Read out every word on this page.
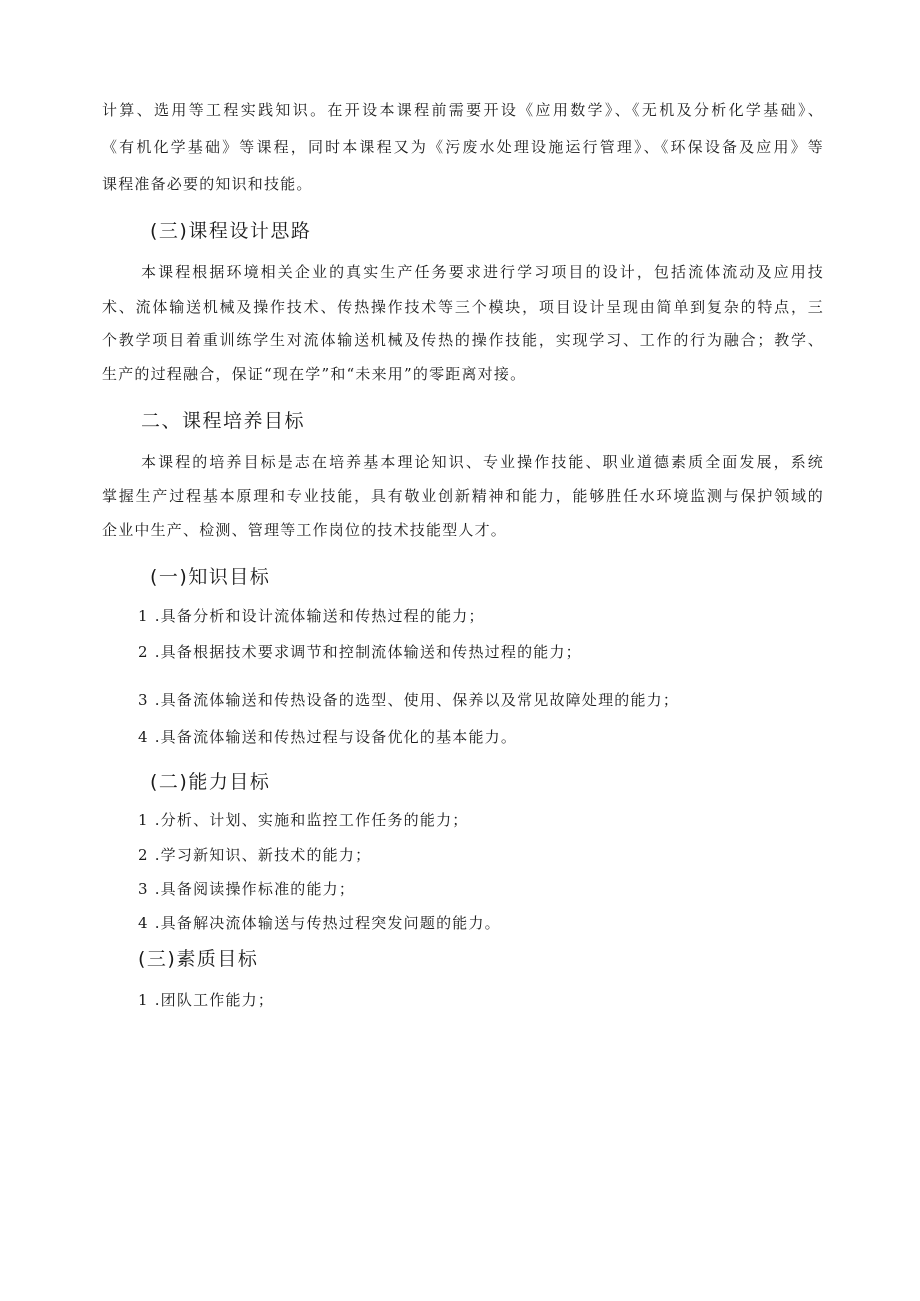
计算、选用等工程实践知识。在开设本课程前需要开设《应用数学》、《无机及分析化学基础》、
《有机化学基础》等课程，同时本课程又为《污废水处理设施运行管理》、《环保设备及应用》等
课程准备必要的知识和技能。
(三)课程设计思路
本课程根据环境相关企业的真实生产任务要求进行学习项目的设计，包括流体流动及应用技
术、流体输送机械及操作技术、传热操作技术等三个模块，项目设计呈现由简单到复杂的特点，三
个教学项目着重训练学生对流体输送机械及传热的操作技能，实现学习、工作的行为融合；教学、
生产的过程融合，保证“现在学”和“未来用”的零距离对接。
二、课程培养目标
本课程的培养目标是志在培养基本理论知识、专业操作技能、职业道德素质全面发展，系统
掌握生产过程基本原理和专业技能，具有敬业创新精神和能力，能够胜任水环境监测与保护领域的
企业中生产、检测、管理等工作岗位的技术技能型人才。
(一)知识目标
1 .具备分析和设计流体输送和传热过程的能力；
2 .具备根据技术要求调节和控制流体输送和传热过程的能力；
3 .具备流体输送和传热设备的选型、使用、保养以及常见故障处理的能力；
4 .具备流体输送和传热过程与设备优化的基本能力。
(二)能力目标
1 .分析、计划、实施和监控工作任务的能力；
2 .学习新知识、新技术的能力；
3 .具备阅读操作标准的能力；
4 .具备解决流体输送与传热过程突发问题的能力。
(三)素质目标
1 .团队工作能力；
